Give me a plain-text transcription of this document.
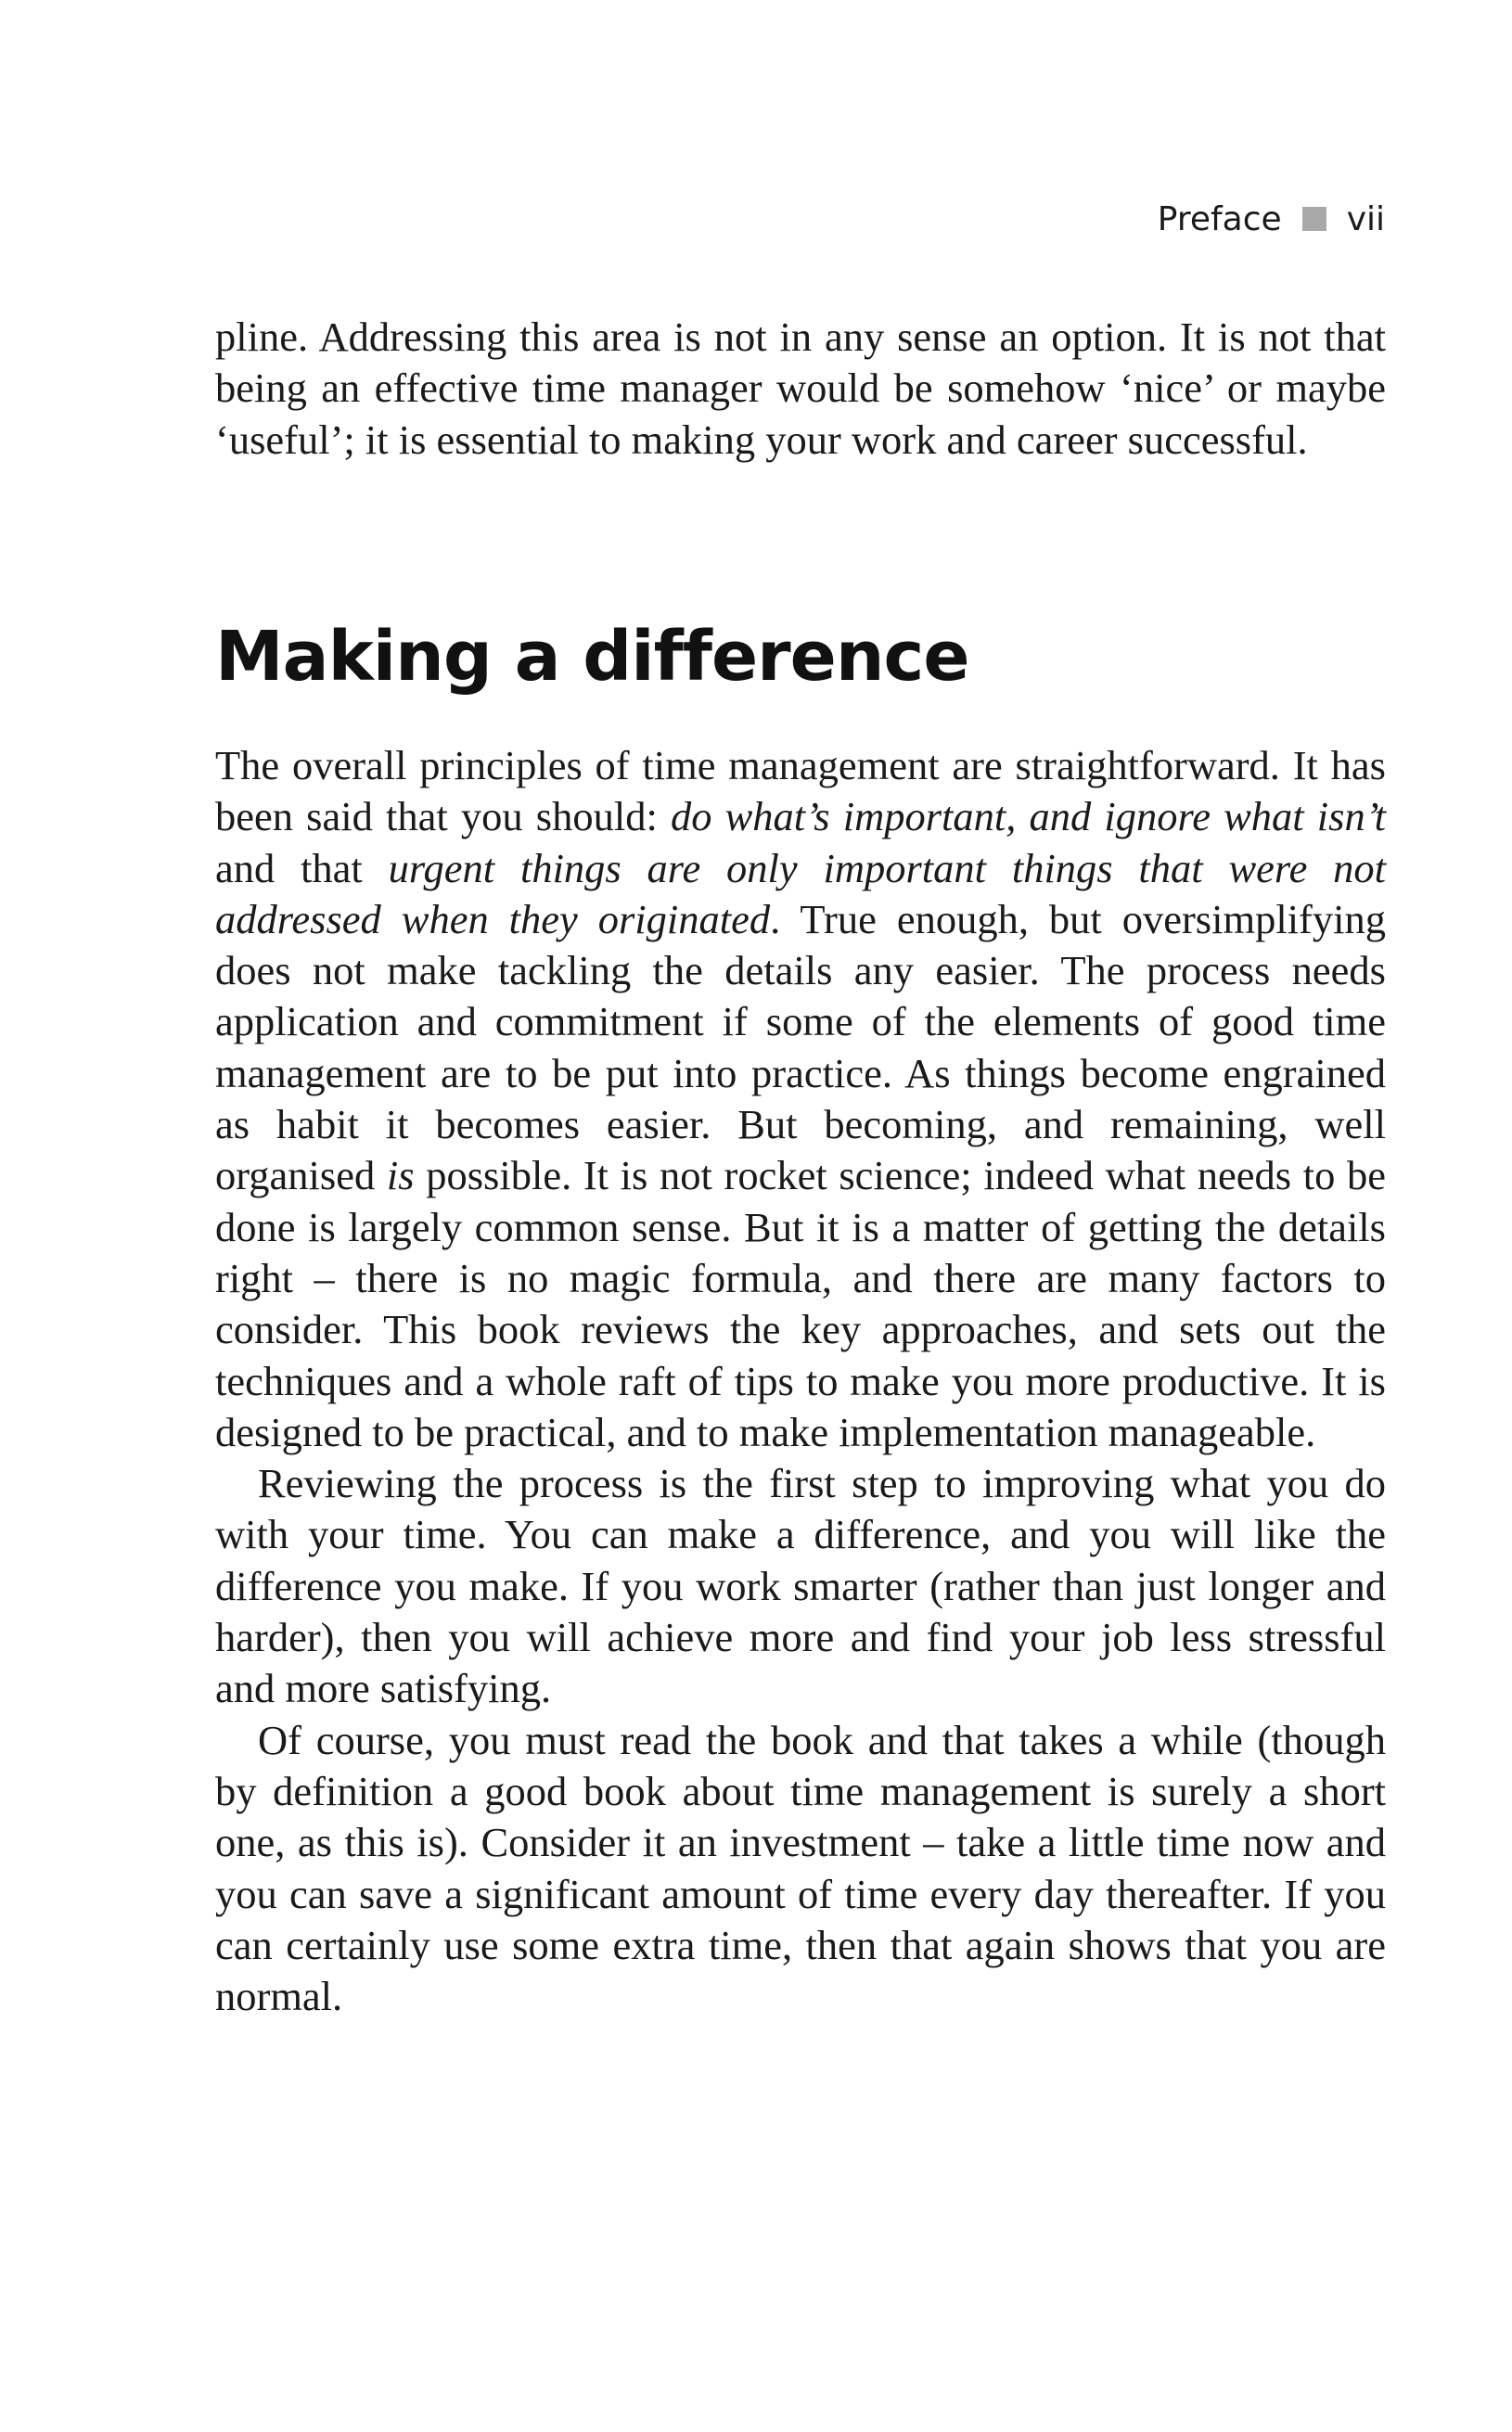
Preface vii

pline. Addressing this area is not in any sense an option. It is not that being an effective time manager would be somehow ‘nice’ or maybe ‘useful’; it is essential to making your work and career successful.

Making a difference

The overall principles of time management are straightforward. It has been said that you should: do what’s important, and ignore what isn’t and that urgent things are only important things that were not addressed when they originated. True enough, but oversimplifying does not make tackling the details any easier. The process needs application and commitment if some of the elements of good time management are to be put into practice. As things become engrained as habit it becomes easier. But becoming, and remaining, well organised is possible. It is not rocket science; indeed what needs to be done is largely common sense. But it is a matter of getting the details right – there is no magic formula, and there are many factors to consider. This book reviews the key approaches, and sets out the techniques and a whole raft of tips to make you more productive. It is designed to be practical, and to make implementation manageable.

Reviewing the process is the first step to improving what you do with your time. You can make a difference, and you will like the difference you make. If you work smarter (rather than just longer and harder), then you will achieve more and find your job less stressful and more satisfying.

Of course, you must read the book and that takes a while (though by definition a good book about time management is surely a short one, as this is). Consider it an investment – take a little time now and you can save a significant amount of time every day thereafter. If you can certainly use some extra time, then that again shows that you are normal.
